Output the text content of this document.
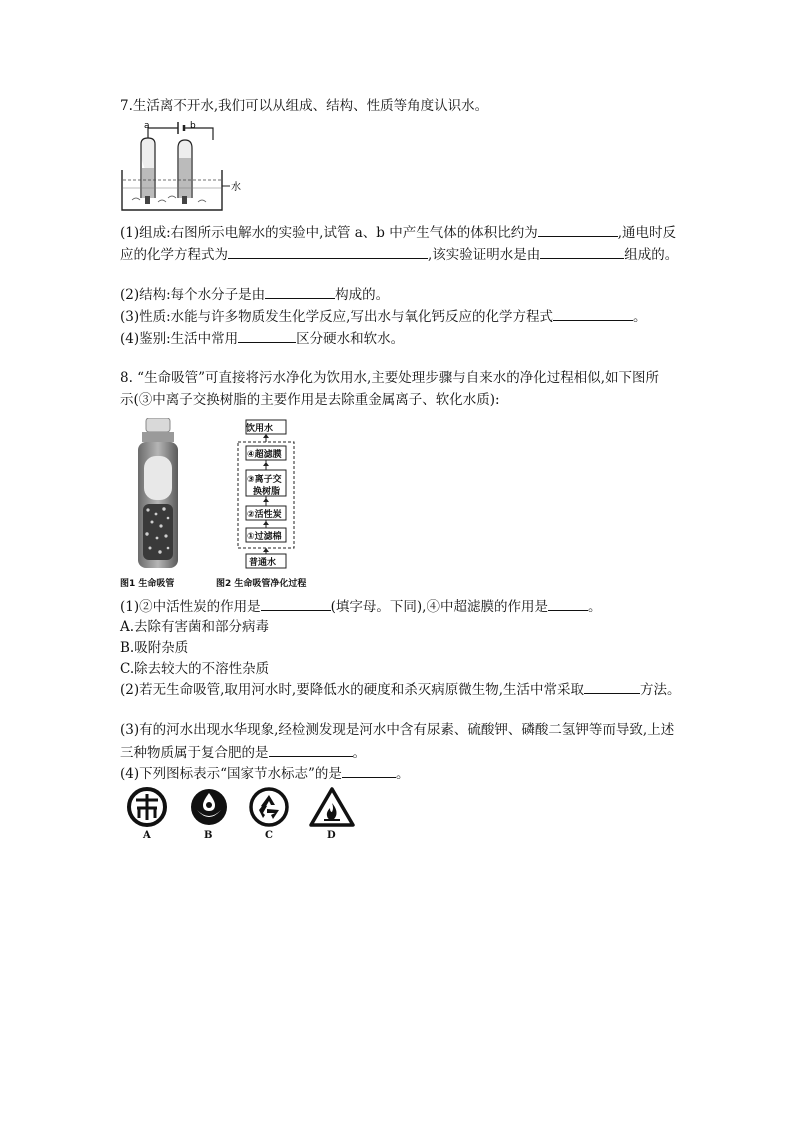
7.生活离不开水,我们可以从组成、结构、性质等角度认识水。
a	b
水
(1)组成:右图所示电解水的实验中,试管 a、b 中产生气体的体积比约为	,通电时反
应的化学方程式为	,该实验证明水是由	组成的。
(2)结构:每个水分子是由	构成的。
(3)性质:水能与许多物质发生化学反应,写出水与氧化钙反应的化学方程式	。
(4)鉴别:生活中常用	区分硬水和软水。
8. “生命吸管”可直接将污水净化为饮用水,主要处理步骤与自来水的净化过程相似,如下图所
示(③中离子交换树脂的主要作用是去除重金属离子、软化水质):
饮用水
④超滤膜
③离子交
换树脂
②活性炭
①过滤棉
普通水
图1 生命吸管	图2 生命吸管净化过程
(1)②中活性炭的作用是	(填字母。下同),④中超滤膜的作用是	。
A.去除有害菌和部分病毒
B.吸附杂质
C.除去较大的不溶性杂质
(2)若无生命吸管,取用河水时,要降低水的硬度和杀灭病原微生物,生活中常采取	方法。
(3)有的河水出现水华现象,经检测发现是河水中含有尿素、硫酸钾、磷酸二氢钾等而导致,上述
三种物质属于复合肥的是	。
(4)下列图标表示“国家节水标志”的是	。
A	B	C	D
